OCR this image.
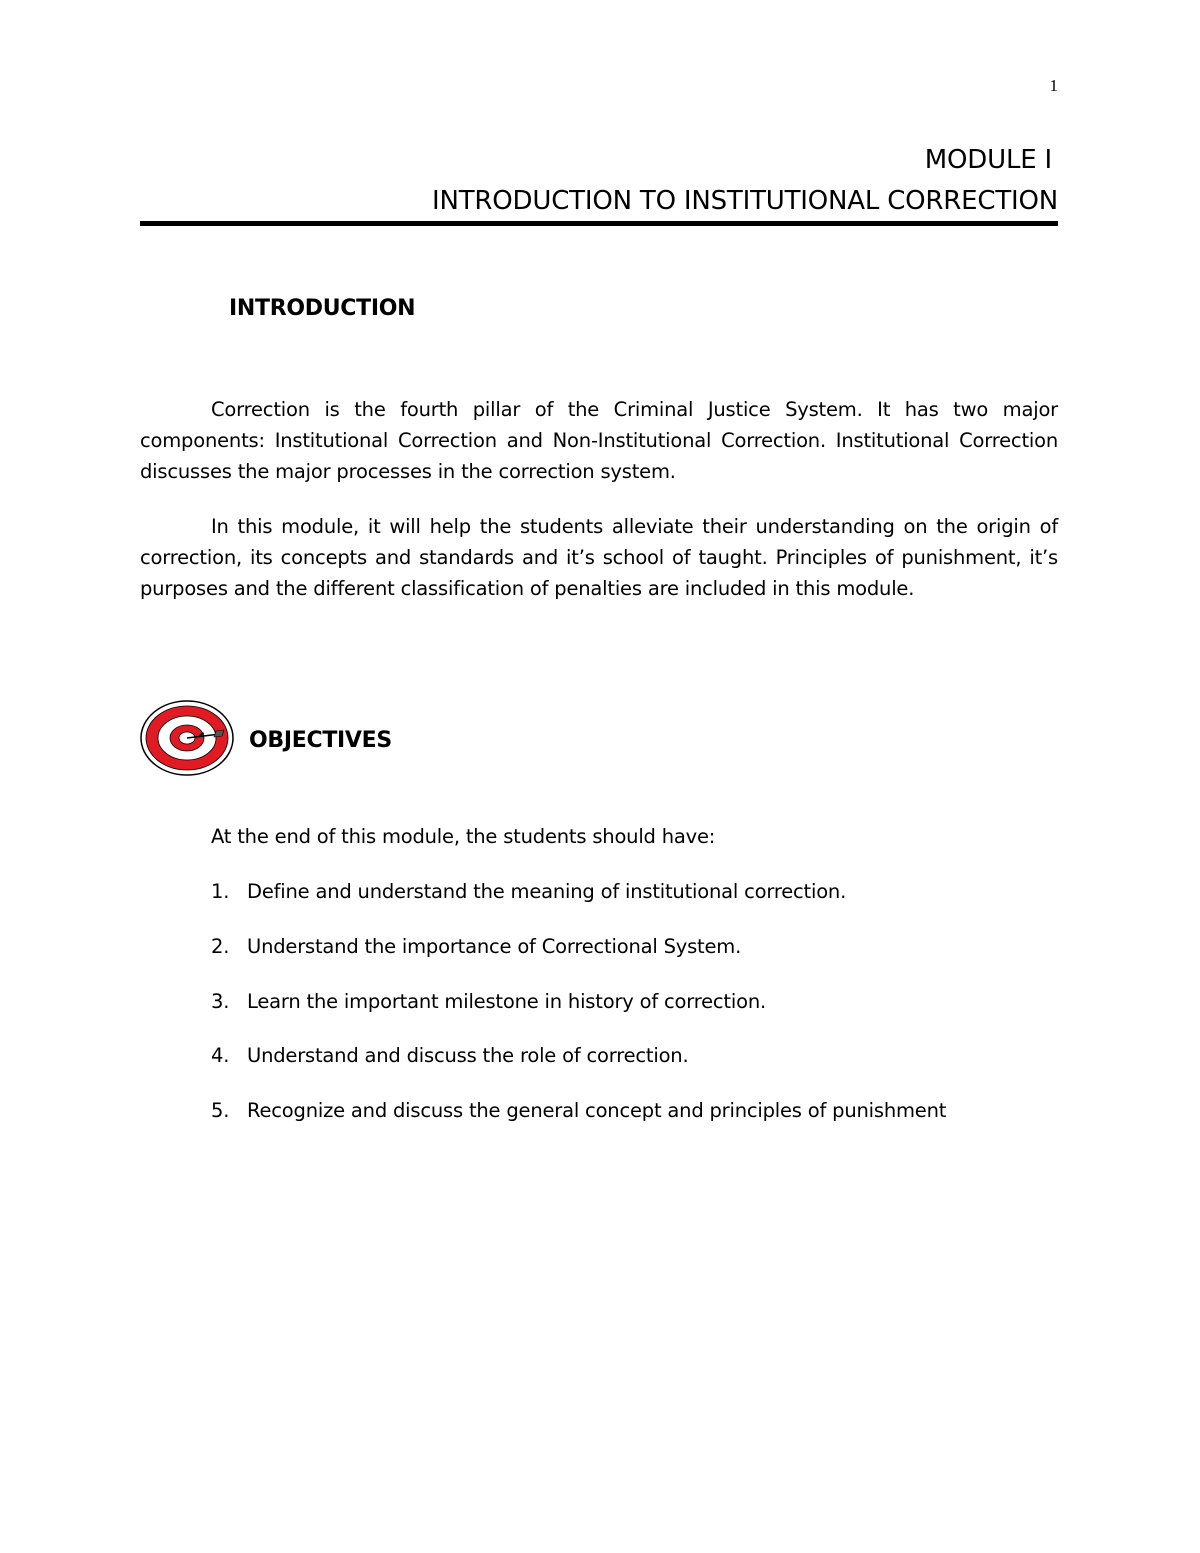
1
MODULE I
INTRODUCTION TO INSTITUTIONAL CORRECTION
INTRODUCTION

Correction is the fourth pillar of the Criminal Justice System. It has two major components: Institutional Correction and Non-Institutional Correction. Institutional Correction discusses the major processes in the correction system.

In this module, it will help the students alleviate their understanding on the origin of correction, its concepts and standards and it’s school of taught. Principles of punishment, it’s purposes and the different classification of penalties are included in this module.

OBJECTIVES
At the end of this module, the students should have:
1. Define and understand the meaning of institutional correction.
2. Understand the importance of Correctional System.
3. Learn the important milestone in history of correction.
4. Understand and discuss the role of correction.
5. Recognize and discuss the general concept and principles of punishment
